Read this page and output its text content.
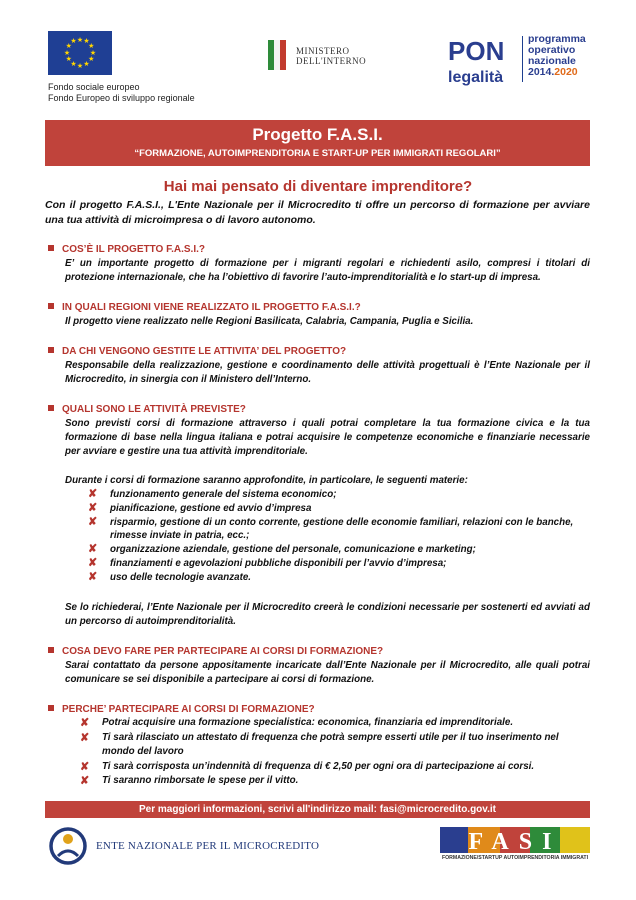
★ ★
★
★
★
★
★
★
★
★
★
★
Fondo sociale europeo
Fondo Europeo di sviluppo regionale
MINISTERO
DELL'INTERNO	PON
legalità
programma
operativo
nazionale
2014.2020
Progetto F.A.S.I.
“FORMAZIONE, AUTOIMPRENDITORIA E START-UP PER IMMIGRATI REGOLARI”
Hai mai pensato di diventare imprenditore?
Con il progetto F.A.S.I., L'Ente Nazionale per il Microcredito ti offre un percorso di formazione per avviare una tua attività di microimpresa o di lavoro autonomo.
COS’È IL PROGETTO F.A.S.I.?
E’ un importante progetto di formazione per i migranti regolari e richiedenti asilo, compresi i titolari di protezione internazionale, che ha l’obiettivo di favorire l’auto-imprenditorialità e lo start-up di impresa.
IN QUALI REGIONI VIENE REALIZZATO IL PROGETTO F.A.S.I.?
Il progetto viene realizzato nelle Regioni Basilicata, Calabria, Campania, Puglia e Sicilia.
DA CHI VENGONO GESTITE LE ATTIVITA’ DEL PROGETTO?
Responsabile della realizzazione, gestione e coordinamento delle attività progettuali è l’Ente Nazionale per il Microcredito, in sinergia con il Ministero dell’Interno.
QUALI SONO LE ATTIVITÀ PREVISTE?
Sono previsti corsi di formazione attraverso i quali potrai completare la tua formazione civica e la tua formazione di base nella lingua italiana e potrai acquisire le competenze economiche e finanziarie necessarie per avviare e gestire una tua attività imprenditoriale.
Durante i corsi di formazione saranno approfondite, in particolare, le seguenti materie:
✘ funzionamento generale del sistema economico;
✘ pianificazione, gestione ed avvio d’impresa
✘ risparmio, gestione di un conto corrente, gestione delle economie familiari, relazioni con le banche, rimesse inviate in patria, ecc.;
✘ organizzazione aziendale, gestione del personale, comunicazione e marketing;
✘ finanziamenti e agevolazioni pubbliche disponibili per l’avvio d’impresa;
✘ uso delle tecnologie avanzate.
Se lo richiederai, l’Ente Nazionale per il Microcredito creerà le condizioni necessarie per sostenerti ed avviati ad un percorso di autoimprenditorialità.
COSA DEVO FARE PER PARTECIPARE AI CORSI DI FORMAZIONE?
Sarai contattato da persone appositamente incaricate dall’Ente Nazionale per il Microcredito, alle quali potrai comunicare se sei disponibile a partecipare ai corsi di formazione.
PERCHE’ PARTECIPARE AI CORSI DI FORMAZIONE?
✘ Potrai acquisire una formazione specialistica: economica, finanziaria ed imprenditoriale.
✘ Ti sarà rilasciato un attestato di frequenza che potrà sempre esserti utile per il tuo inserimento nel mondo del lavoro
✘ Ti sarà corrisposta un’indennità di frequenza di € 2,50 per ogni ora di partecipazione ai corsi.
✘ Ti saranno rimborsate le spese per il vitto.
Per maggiori informazioni, scrivi all'indirizzo mail: fasi@microcredito.gov.it
ENTE NAZIONALE PER IL MICROCREDITO	FASI
FORMAZIONE/STARTUP AUTOIMPRENDITORIA IMMIGRATI
